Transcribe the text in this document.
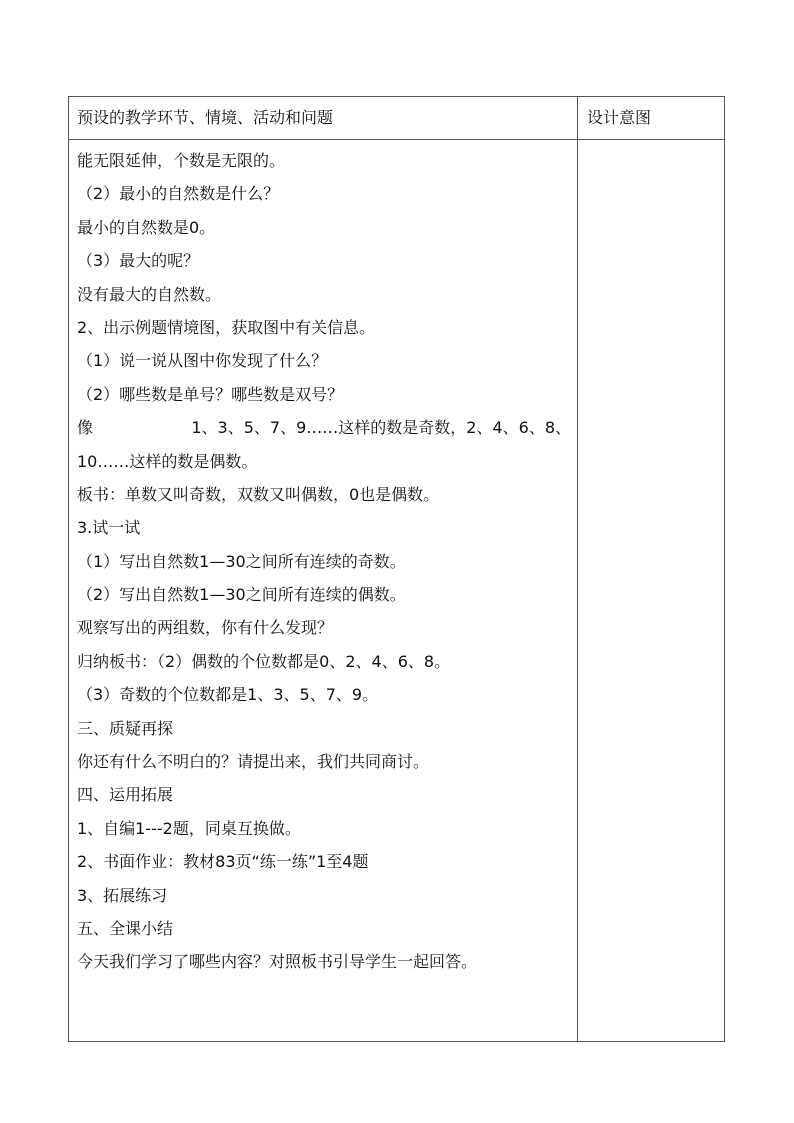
预设的教学环节、情境、活动和问题	设计意图
能无限延伸，个数是无限的。
（2）最小的自然数是什么？
最小的自然数是0。
（3）最大的呢？
没有最大的自然数。
2、出示例题情境图，获取图中有关信息。
（1）说一说从图中你发现了什么？
（2）哪些数是单号？哪些数是双号？
像	1、3、5、7、9……这样的数是奇数，2、4、6、8、
10……这样的数是偶数。
板书：单数又叫奇数，双数又叫偶数，0也是偶数。
3.试一试
（1）写出自然数1—30之间所有连续的奇数。
（2）写出自然数1—30之间所有连续的偶数。
观察写出的两组数，你有什么发现？
归纳板书：（2）偶数的个位数都是0、2、4、6、8。
（3）奇数的个位数都是1、3、5、7、9。
三、质疑再探
你还有什么不明白的？请提出来，我们共同商讨。
四、运用拓展
1、自编1---2题，同桌互换做。
2、书面作业：教材83页“练一练”1至4题
3、拓展练习
五、全课小结
今天我们学习了哪些内容？对照板书引导学生一起回答。
